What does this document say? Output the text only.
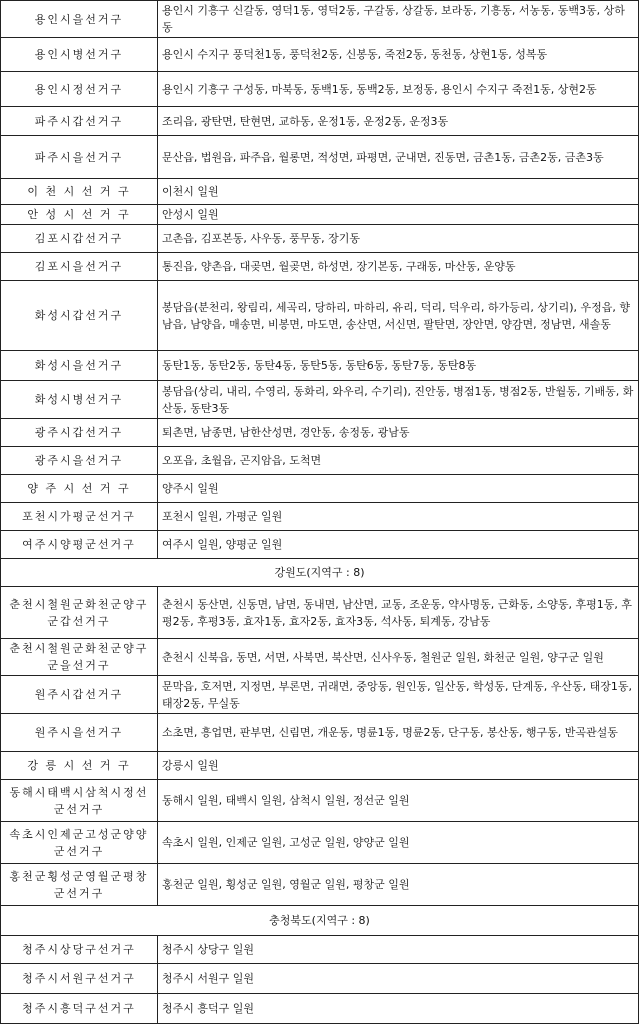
용인시을선거구	용인시 기흥구 신갈동, 영덕1동, 영덕2동, 구갈동, 상갈동, 보라동, 기흥동, 서농동, 동백3동, 상하동
용인시병선거구	용인시 수지구 풍덕천1동, 풍덕천2동, 신봉동, 죽전2동, 동천동, 상현1동, 성복동
용인시정선거구	용인시 기흥구 구성동, 마북동, 동백1동, 동백2동, 보정동, 용인시 수지구 죽전1동, 상현2동
파주시갑선거구	조리읍, 광탄면, 탄현면, 교하동, 운정1동, 운정2동, 운정3동
파주시을선거구	문산읍, 법원읍, 파주읍, 월롱면, 적성면, 파평면, 군내면, 진동면, 금촌1동, 금촌2동, 금촌3동
이 천 시 선 거 구	이천시 일원
안 성 시 선 거 구	안성시 일원
김포시갑선거구	고촌읍, 김포본동, 사우동, 풍무동, 장기동
김포시을선거구	통진읍, 양촌읍, 대곶면, 월곶면, 하성면, 장기본동, 구래동, 마산동, 운양동
화성시갑선거구	봉담읍(분천리, 왕림리, 세곡리, 당하리, 마하리, 유리, 덕리, 덕우리, 하가등리, 상기리), 우정읍, 향남읍, 남양읍, 매송면, 비봉면, 마도면, 송산면, 서신면, 팔탄면, 장안면, 양감면, 정남면, 새솔동
화성시을선거구	동탄1동, 동탄2동, 동탄4동, 동탄5동, 동탄6동, 동탄7동, 동탄8동
화성시병선거구	봉담읍(상리, 내리, 수영리, 동화리, 와우리, 수기리), 진안동, 병점1동, 병점2동, 반월동, 기배동, 화산동, 동탄3동
광주시갑선거구	퇴촌면, 남종면, 남한산성면, 경안동, 송정동, 광남동
광주시을선거구	오포읍, 초월읍, 곤지암읍, 도척면
양 주 시 선 거 구	양주시 일원
포천시가평군선거구	포천시 일원, 가평군 일원
여주시양평군선거구	여주시 일원, 양평군 일원
강원도(지역구 : 8)	
춘천시철원군화천군양구군갑선거구	춘천시 동산면, 신동면, 남면, 동내면, 남산면, 교동, 조운동, 약사명동, 근화동, 소양동, 후평1동, 후평2동, 후평3동, 효자1동, 효자2동, 효자3동, 석사동, 퇴계동, 강남동
춘천시철원군화천군양구군을선거구	춘천시 신북읍, 동면, 서면, 사북면, 북산면, 신사우동, 철원군 일원, 화천군 일원, 양구군 일원
원주시갑선거구	문막읍, 호저면, 지정면, 부론면, 귀래면, 중앙동, 원인동, 일산동, 학성동, 단계동, 우산동, 태장1동, 태장2동, 무실동
원주시을선거구	소초면, 흥업면, 판부면, 신림면, 개운동, 명륜1동, 명륜2동, 단구동, 봉산동, 행구동, 반곡관설동
강 릉 시 선 거 구	강릉시 일원
동해시태백시삼척시정선군선거구	동해시 일원, 태백시 일원, 삼척시 일원, 정선군 일원
속초시인제군고성군양양군선거구	속초시 일원, 인제군 일원, 고성군 일원, 양양군 일원
홍천군횡성군영월군평창군선거구	홍천군 일원, 횡성군 일원, 영월군 일원, 평창군 일원
충청북도(지역구 : 8)	
청주시상당구선거구	청주시 상당구 일원
청주시서원구선거구	청주시 서원구 일원
청주시흥덕구선거구	청주시 흥덕구 일원
